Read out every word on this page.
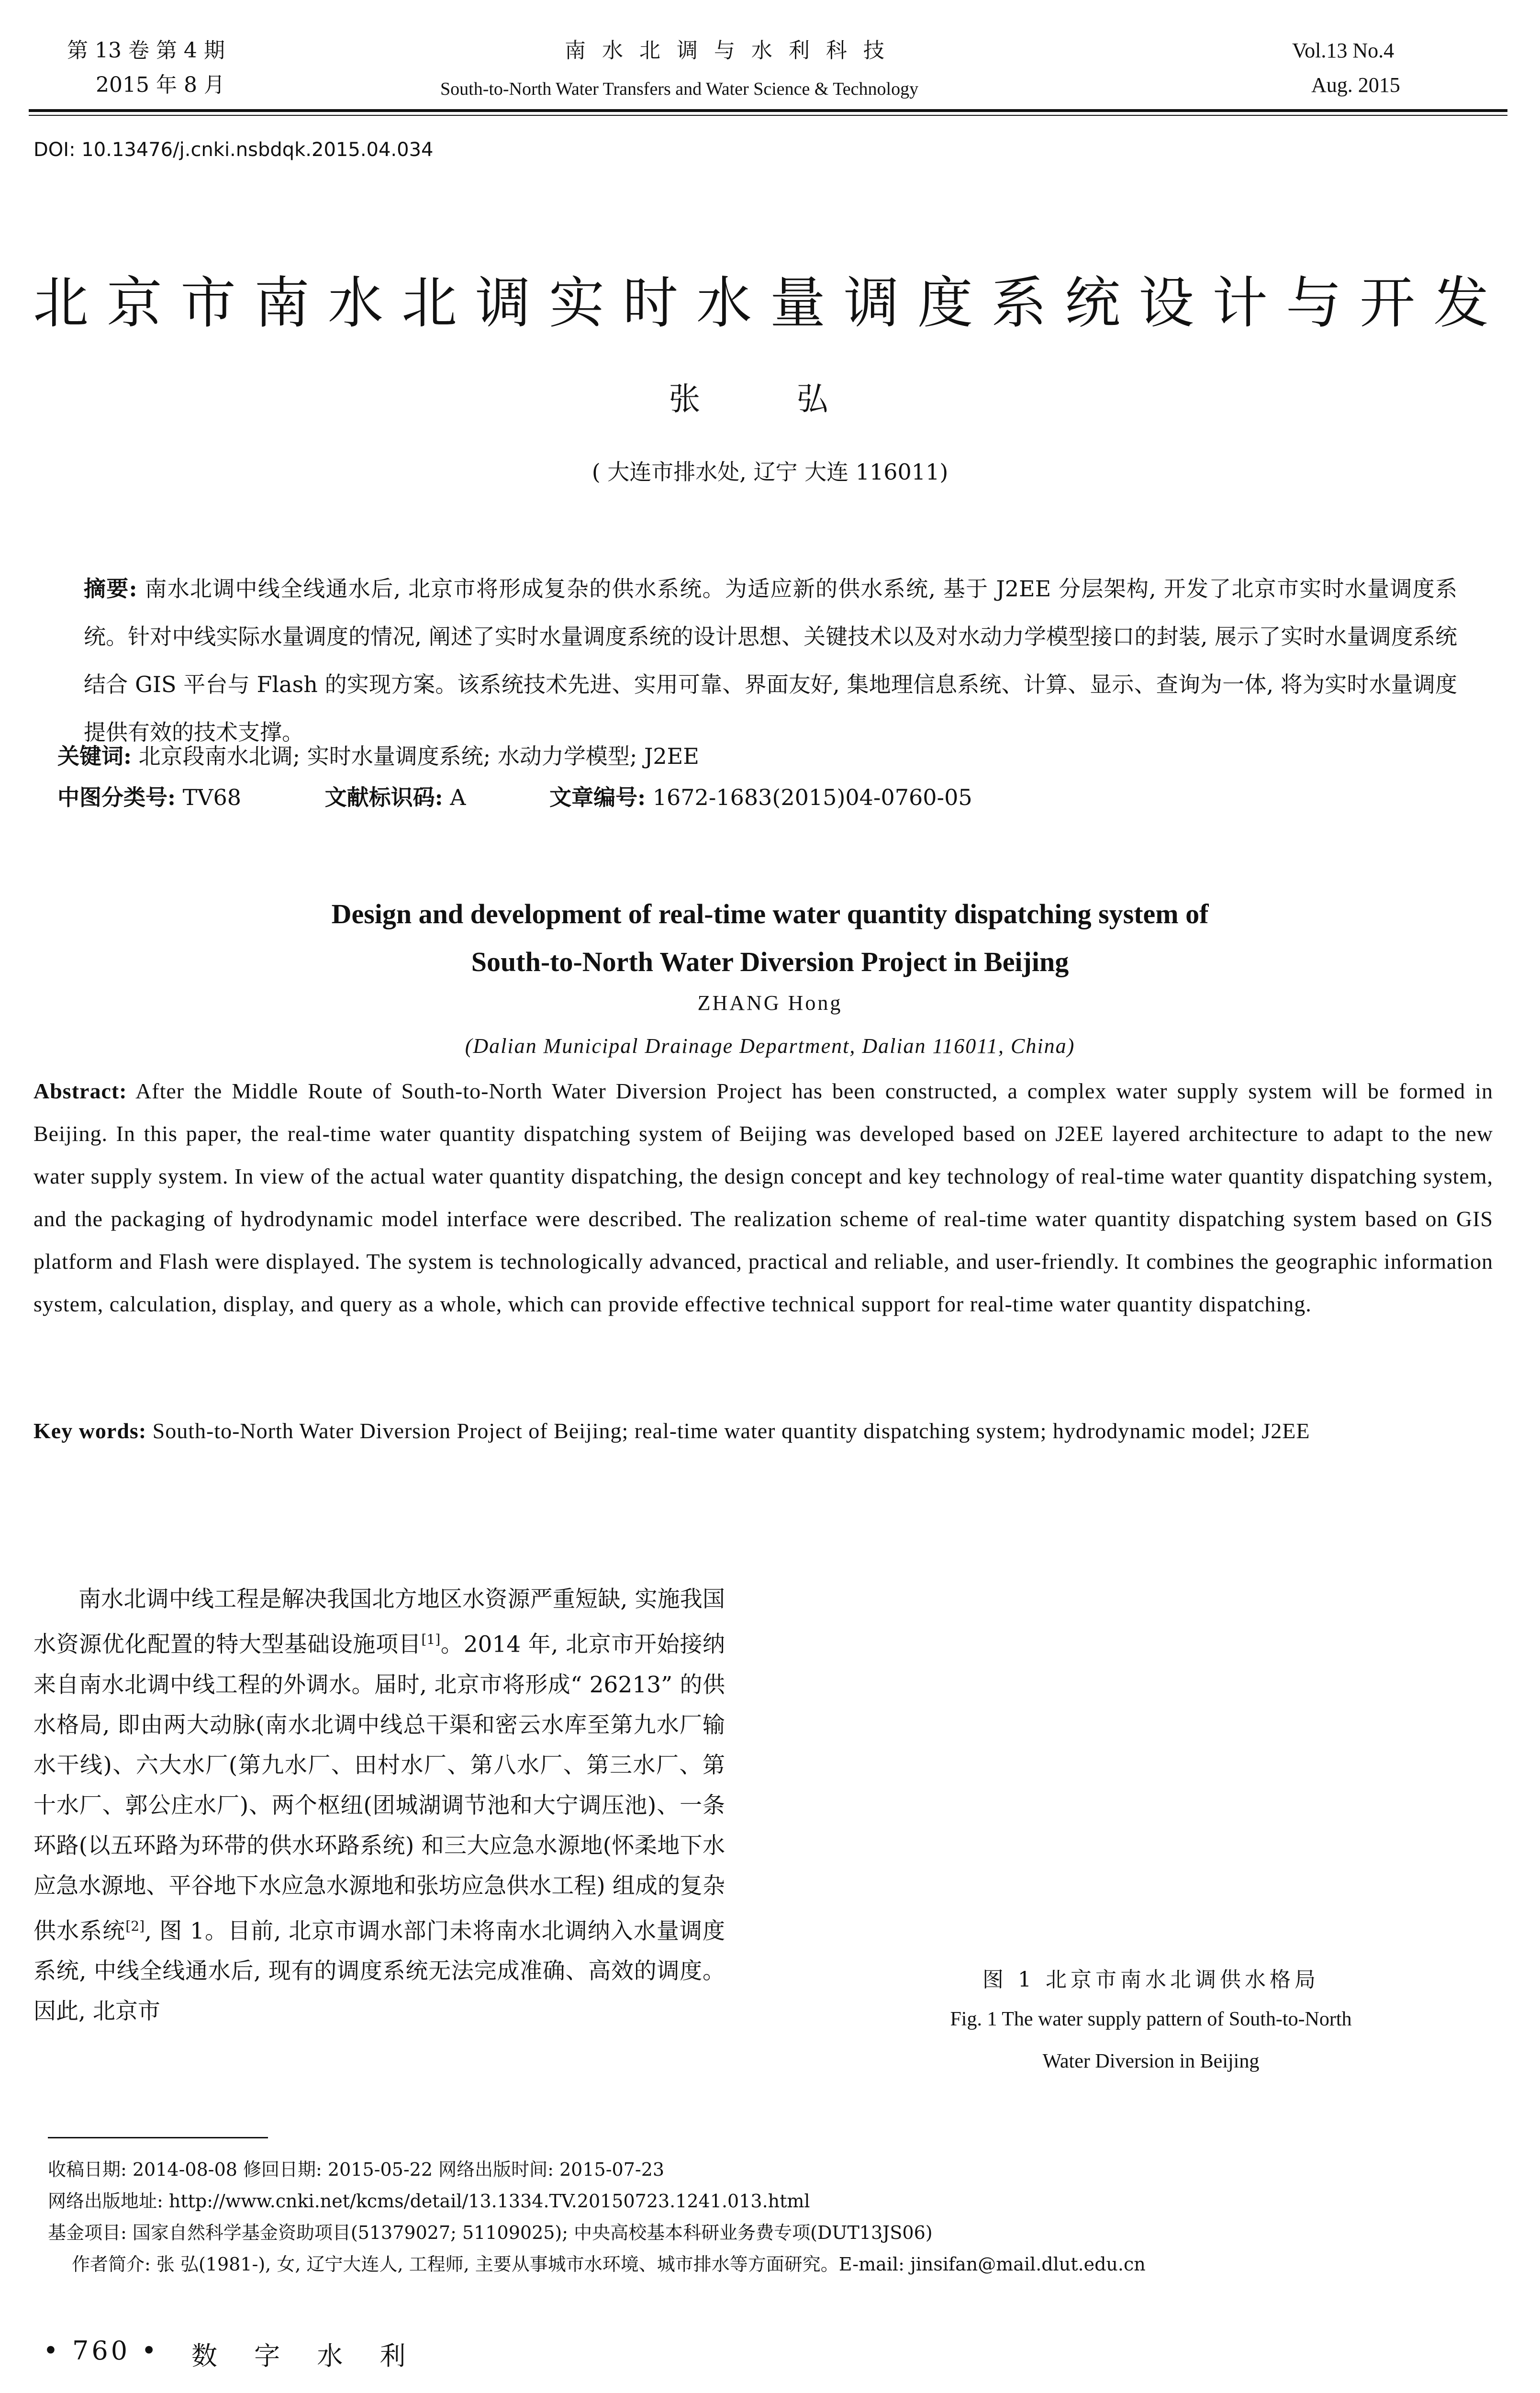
第 13 卷 第 4 期
2015 年 8 月
南 水 北 调 与 水 利 科 技
South-to-North Water Transfers and Water Science & Technology
Vol.13 No.4
Aug. 2015
DOI: 10.13476/j.cnki.nsbdqk.2015.04.034
北京市南水北调实时水量调度系统设计与开发
张 弘
( 大连市排水处, 辽宁 大连 116011)
摘要: 南水北调中线全线通水后, 北京市将形成复杂的供水系统。为适应新的供水系统, 基于 J2EE 分层架构, 开发了北京市实时水量调度系统。针对中线实际水量调度的情况, 阐述了实时水量调度系统的设计思想、关键技术以及对水动力学模型接口的封装, 展示了实时水量调度系统结合 GIS 平台与 Flash 的实现方案。该系统技术先进、实用可靠、界面友好, 集地理信息系统、计算、显示、查询为一体, 将为实时水量调度提供有效的技术支撑。
关键词: 北京段南水北调; 实时水量调度系统; 水动力学模型; J2EE
中图分类号: TV68	文献标识码: A	文章编号: 1672-1683(2015)04-0760-05
Design and development of real-time water quantity dispatching system of
South-to-North Water Diversion Project in Beijing
ZHANG Hong
(Dalian Municipal Drainage Department, Dalian 116011, China)
Abstract: After the Middle Route of South-to-North Water Diversion Project has been constructed, a complex water supply system will be formed in Beijing. In this paper, the real-time water quantity dispatching system of Beijing was developed based on J2EE layered architecture to adapt to the new water supply system. In view of the actual water quantity dispatching, the design concept and key technology of real-time water quantity dispatching system, and the packaging of hydrodynamic model interface were described. The realization scheme of real-time water quantity dispatching system based on GIS platform and Flash were displayed. The system is technologically advanced, practical and reliable, and user-friendly. It combines the geographic information system, calculation, display, and query as a whole, which can provide effective technical support for real-time water quantity dispatching.
Key words: South-to-North Water Diversion Project of Beijing; real-time water quantity dispatching system; hydrodynamic model; J2EE
南水北调中线工程是解决我国北方地区水资源严重短缺, 实施我国水资源优化配置的特大型基础设施项目[1]。2014 年, 北京市开始接纳来自南水北调中线工程的外调水。届时, 北京市将形成“ 26213” 的供水格局, 即由两大动脉(南水北调中线总干渠和密云水库至第九水厂输水干线)、六大水厂(第九水厂、田村水厂、第八水厂、第三水厂、第十水厂、郭公庄水厂)、两个枢纽(团城湖调节池和大宁调压池)、一条环路(以五环路为环带的供水环路系统) 和三大应急水源地(怀柔地下水应急水源地、平谷地下水应急水源地和张坊应急供水工程) 组成的复杂供水系统[2], 图 1。目前, 北京市调水部门未将南水北调纳入水量调度系统, 中线全线通水后, 现有的调度系统无法完成准确、高效的调度。因此, 北京市
图 1 北京市南水北调供水格局
Fig. 1 The water supply pattern of South-to-North
Water Diversion in Beijing
收稿日期: 2014-08-08 修回日期: 2015-05-22 网络出版时间: 2015-07-23
网络出版地址: http://www.cnki.net/kcms/detail/13.1334.TV.20150723.1241.013.html
基金项目: 国家自然科学基金资助项目(51379027; 51109025); 中央高校基本科研业务费专项(DUT13JS06)
作者简介: 张 弘(1981-), 女, 辽宁大连人, 工程师, 主要从事城市水环境、城市排水等方面研究。E-mail: jinsifan@mail.dlut.edu.cn
• 760 • 数 字 水 利
